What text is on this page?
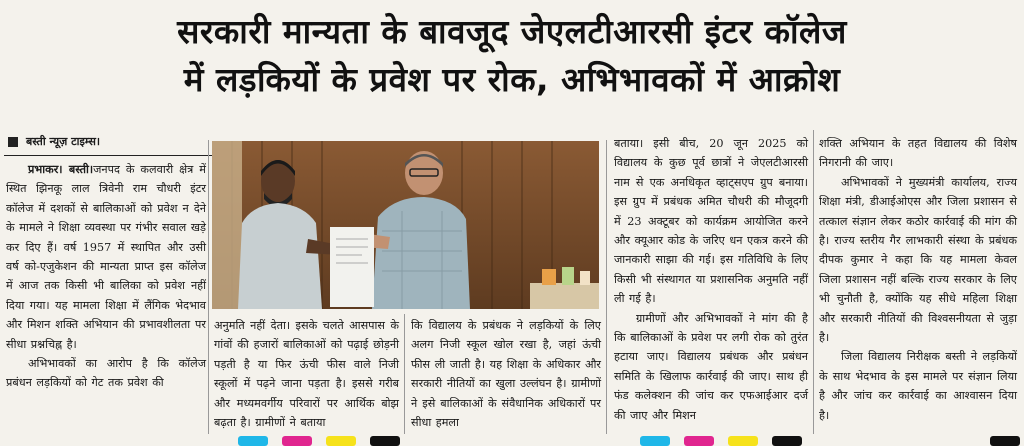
सरकारी मान्यता के बावजूद जेएलटीआरसी इंटर कॉलेज
में लड़कियों के प्रवेश पर रोक, अभिभावकों में आक्रोश
बस्ती न्यूज़ टाइम्स।

प्रभाकर। बस्ती।जनपद के कलवारी क्षेत्र में स्थित झिनकू लाल त्रिवेनी राम चौधरी इंटर कॉलेज में दशकों से बालिकाओं को प्रवेश न देने के मामले ने शिक्षा व्यवस्था पर गंभीर सवाल खड़े कर दिए हैं। वर्ष 1957 में स्थापित और उसी वर्ष को-एजुकेशन की मान्यता प्राप्त इस कॉलेज में आज तक किसी भी बालिका को प्रवेश नहीं दिया गया। यह मामला शिक्षा में लैंगिक भेदभाव और मिशन शक्ति अभियान की प्रभावशीलता पर सीधा प्रश्नचिह्न है।

अभिभावकों का आरोप है कि कॉलेज प्रबंधन लड़कियों को गेट तक प्रवेश की

अनुमति नहीं देता। इसके चलते आसपास के गांवों की हजारों बालिकाओं को पढ़ाई छोड़नी पड़ती है या फिर ऊंची फीस वाले निजी स्कूलों में पढ़ने जाना पड़ता है। इससे गरीब और मध्यमवर्गीय परिवारों पर आर्थिक बोझ बढ़ता है। ग्रामीणों ने बताया

कि विद्यालय के प्रबंधक ने लड़कियों के लिए अलग निजी स्कूल खोल रखा है, जहां ऊंची फीस ली जाती है। यह शिक्षा के अधिकार और सरकारी नीतियों का खुला उल्लंघन है। ग्रामीणों ने इसे बालिकाओं के संवैधानिक अधिकारों पर सीधा हमला

बताया। इसी बीच, 20 जून 2025 को विद्यालय के कुछ पूर्व छात्रों ने जेएलटीआरसी नाम से एक अनधिकृत व्हाट्सएप ग्रुप बनाया। इस ग्रुप में प्रबंधक अमित चौधरी की मौजूदगी में 23 अक्टूबर को कार्यक्रम आयोजित करने और क्यूआर कोड के जरिए धन एकत्र करने की जानकारी साझा की गई। इस गतिविधि के लिए किसी भी संस्थागत या प्रशासनिक अनुमति नहीं ली गई है।

ग्रामीणों और अभिभावकों ने मांग की है कि बालिकाओं के प्रवेश पर लगी रोक को तुरंत हटाया जाए। विद्यालय प्रबंधक और प्रबंधन समिति के खिलाफ कार्रवाई की जाए। साथ ही फंड कलेक्शन की जांच कर एफआईआर दर्ज की जाए और मिशन

शक्ति अभियान के तहत विद्यालय की विशेष निगरानी की जाए।

अभिभावकों ने मुख्यमंत्री कार्यालय, राज्य शिक्षा मंत्री, डीआईओएस और जिला प्रशासन से तत्काल संज्ञान लेकर कठोर कार्रवाई की मांग की है। राज्य स्तरीय गैर लाभकारी संस्था के प्रबंधक दीपक कुमार ने कहा कि यह मामला केवल जिला प्रशासन नहीं बल्कि राज्य सरकार के लिए भी चुनौती है, क्योंकि यह सीधे महिला शिक्षा और सरकारी नीतियों की विश्वसनीयता से जुड़ा है।

जिला विद्यालय निरीक्षक बस्ती ने लड़कियों के साथ भेदभाव के इस मामले पर संज्ञान लिया है और जांच कर कार्रवाई का आश्वासन दिया है।
